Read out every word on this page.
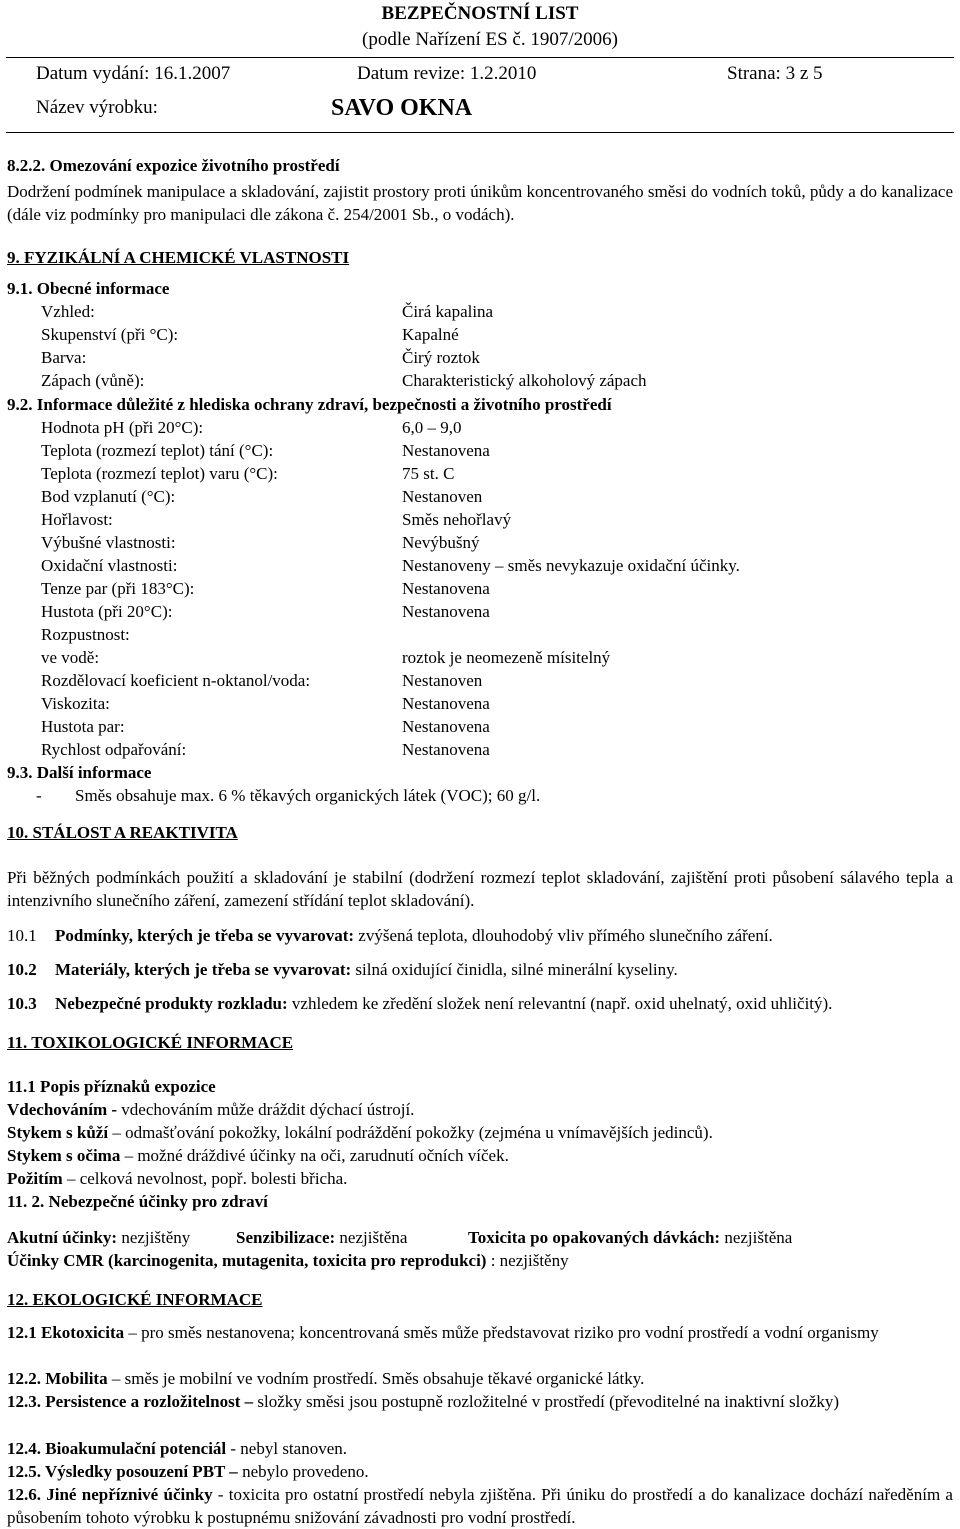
BEZPEČNOSTNÍ LIST
(podle Nařízení ES č. 1907/2006)
Datum vydání: 16.1.2007	Datum revize: 1.2.2010	Strana: 3 z 5
Název výrobku:	SAVO OKNA
8.2.2. Omezování expozice životního prostředí
Dodržení podmínek manipulace a skladování, zajistit prostory proti únikům koncentrovaného směsi do vodních toků, půdy a do kanalizace (dále viz podmínky pro manipulaci dle zákona č. 254/2001 Sb., o vodách).
9. FYZIKÁLNÍ A CHEMICKÉ VLASTNOSTI
9.1. Obecné informace
Vzhled:	Čirá kapalina
Skupenství (při °C):	Kapalné
Barva:	Čirý roztok
Zápach (vůně):	Charakteristický alkoholový zápach
9.2. Informace důležité z hlediska ochrany zdraví, bezpečnosti a životního prostředí
Hodnota pH (při 20°C):	6,0 – 9,0
Teplota (rozmezí teplot) tání (°C):	Nestanovena
Teplota (rozmezí teplot) varu (°C):	75 st. C
Bod vzplanutí (°C):	Nestanoven
Hořlavost:	Směs nehořlavý
Výbušné vlastnosti:	Nevýbušný
Oxidační vlastnosti:	Nestanoveny – směs nevykazuje oxidační účinky.
Tenze par (při 183°C):	Nestanovena
Hustota (při 20°C):	Nestanovena
Rozpustnost:
ve vodě:	roztok je neomezeně mísitelný
Rozdělovací koeficient n-oktanol/voda:	Nestanoven
Viskozita:	Nestanovena
Hustota par:	Nestanovena
Rychlost odpařování:	Nestanovena
9.3. Další informace
- Směs obsahuje max. 6 % těkavých organických látek (VOC); 60 g/l.
10. STÁLOST A REAKTIVITA
Při běžných podmínkách použití a skladování je stabilní (dodržení rozmezí teplot skladování, zajištění proti působení sálavého tepla a intenzivního slunečního záření, zamezení střídání teplot skladování).
10.1 Podmínky, kterých je třeba se vyvarovat: zvýšená teplota, dlouhodobý vliv přímého slunečního záření.
10.2 Materiály, kterých je třeba se vyvarovat: silná oxidující činidla, silné minerální kyseliny.
10.3 Nebezpečné produkty rozkladu: vzhledem ke zředění složek není relevantní (např. oxid uhelnatý, oxid uhličitý).
11. TOXIKOLOGICKÉ INFORMACE
11.1 Popis příznaků expozice
Vdechováním - vdechováním může dráždit dýchací ústrojí.
Stykem s kůží – odmašťování pokožky, lokální podráždění pokožky (zejména u vnímavějších jedinců).
Stykem s očima – možné dráždivé účinky na oči, zarudnutí očních víček.
Požitím – celková nevolnost, popř. bolesti břicha.
11. 2. Nebezpečné účinky pro zdraví
Akutní účinky: nezjištěny	Senzibilizace: nezjištěna	Toxicita po opakovaných dávkách: nezjištěna
Účinky CMR (karcinogenita, mutagenita, toxicita pro reprodukci) : nezjištěny
12. EKOLOGICKÉ INFORMACE
12.1 Ekotoxicita – pro směs nestanovena; koncentrovaná směs může představovat riziko pro vodní prostředí a vodní organismy
12.2. Mobilita – směs je mobilní ve vodním prostředí. Směs obsahuje těkavé organické látky.
12.3. Persistence a rozložitelnost – složky směsi jsou postupně rozložitelné v prostředí (převoditelné na inaktivní složky)
12.4. Bioakumulační potenciál - nebyl stanoven.
12.5. Výsledky posouzení PBT – nebylo provedeno.
12.6. Jiné nepříznivé účinky - toxicita pro ostatní prostředí nebyla zjištěna. Při úniku do prostředí a do kanalizace dochází naředěním a působením tohoto výrobku k postupnému snižování závadnosti pro vodní prostředí.
